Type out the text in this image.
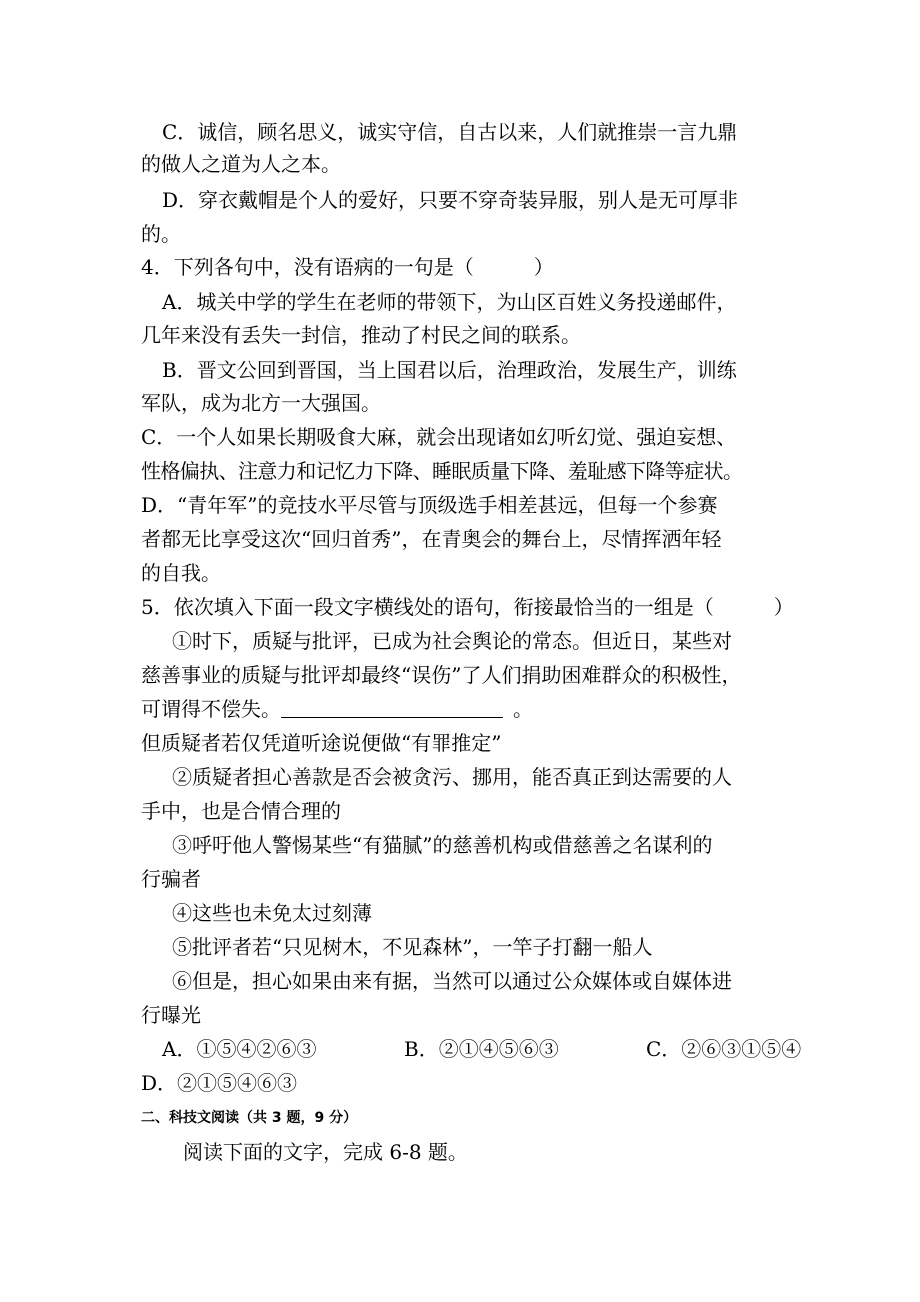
C．诚信，顾名思义，诚实守信，自古以来，人们就推崇一言九鼎
的做人之道为人之本。
D．穿衣戴帽是个人的爱好，只要不穿奇装异服，别人是无可厚非
的。
4．下列各句中，没有语病的一句是（　　　）
A．城关中学的学生在老师的带领下，为山区百姓义务投递邮件，
几年来没有丢失一封信，推动了村民之间的联系。
B．晋文公回到晋国，当上国君以后，治理政治，发展生产，训练
军队，成为北方一大强国。
C．一个人如果长期吸食大麻，就会出现诸如幻听幻觉、强迫妄想、
性格偏执、注意力和记忆力下降、睡眠质量下降、羞耻感下降等症状。
D．“青年军”的竞技水平尽管与顶级选手相差甚远，但每一个参赛
者都无比享受这次“回归首秀”，在青奥会的舞台上，尽情挥洒年轻
的自我。
5．依次填入下面一段文字横线处的语句，衔接最恰当的一组是（　　　）
①时下，质疑与批评，已成为社会舆论的常态。但近日，某些对
慈善事业的质疑与批评却最终“误伤”了人们捐助困难群众的积极性，
可谓得不偿失。	。
但质疑者若仅凭道听途说便做“有罪推定”
②质疑者担心善款是否会被贪污、挪用，能否真正到达需要的人
手中，也是合情合理的
③呼吁他人警惕某些“有猫腻”的慈善机构或借慈善之名谋利的
行骗者
④这些也未免太过刻薄
⑤批评者若“只见树木，不见森林”，一竿子打翻一船人
⑥但是，担心如果由来有据，当然可以通过公众媒体或自媒体进
行曝光
A．①⑤④②⑥③	B．②①④⑤⑥③	C．②⑥③①⑤④
D．②①⑤④⑥③
二、科技文阅读（共 3 题，9 分）
阅读下面的文字，完成 6-8 题。
